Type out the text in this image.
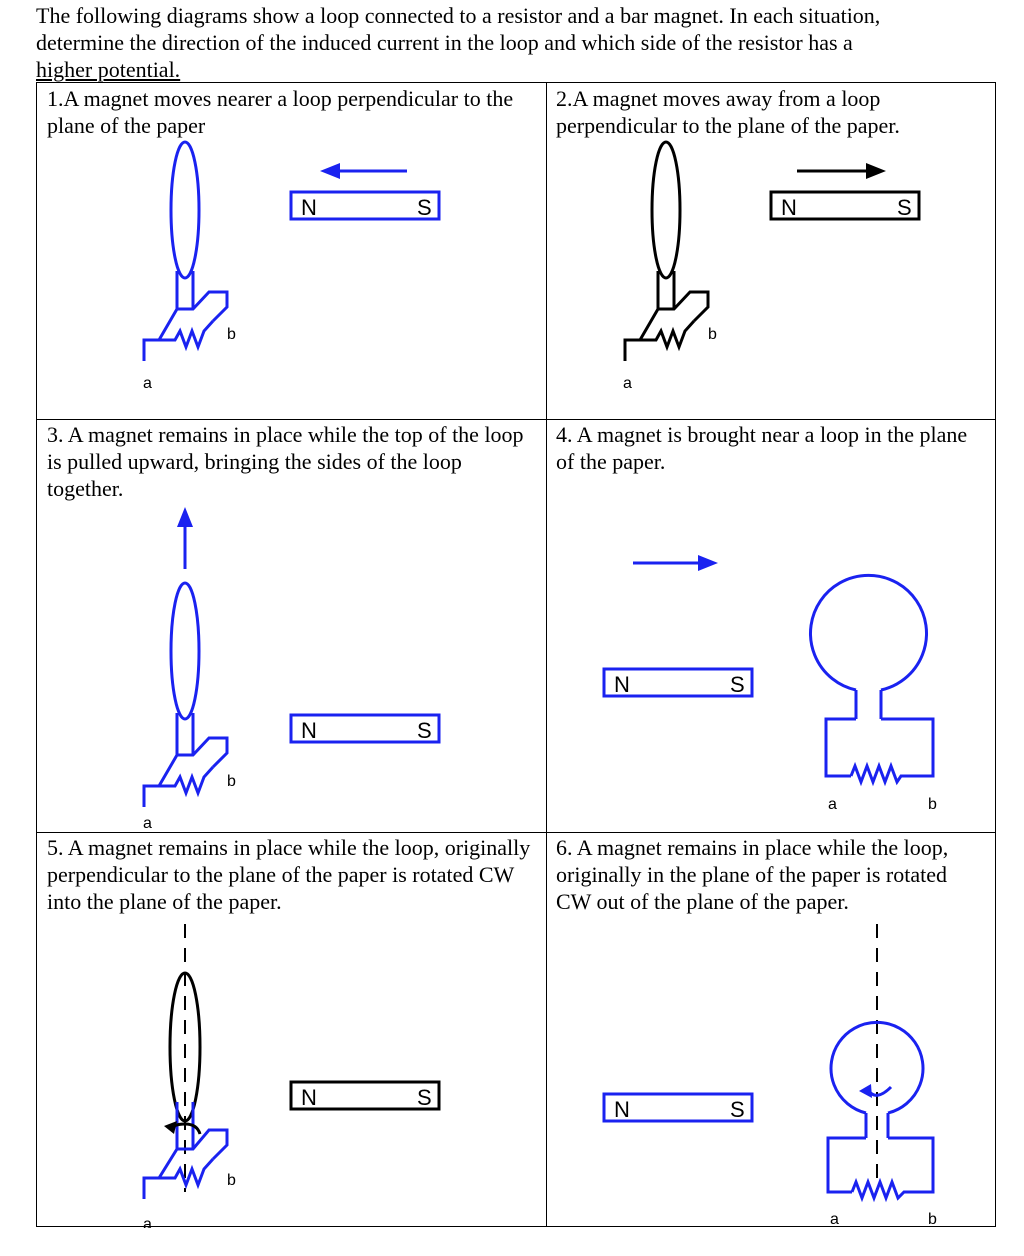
The following diagrams show a loop connected to a resistor and a bar magnet. In each situation,
determine the direction of the induced current in the loop and which side of the resistor has a
higher potential.
1.A magnet moves nearer a loop perpendicular to the plane of the paper
N	S
a
b
2.A magnet moves away from a loop perpendicular to the plane of the paper.
N	S
a
b
3. A magnet remains in place while the top of the loop is pulled upward, bringing the sides of the loop together.
N	S
a
b
4. A magnet is brought near a loop in the plane of the paper.
N	S
a	b
5. A magnet remains in place while the loop, originally perpendicular to the plane of the paper is rotated CW into the plane of the paper.
N	S
a
b
6. A magnet remains in place while the loop, originally in the plane of the paper is rotated CW out of the plane of the paper.
N	S
a	b
